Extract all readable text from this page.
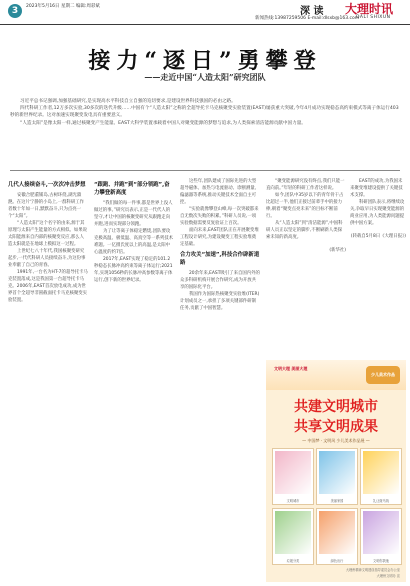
3	2023年5月16日 星期二 编辑:周彩斌	深 读 大理时讯
DALI SHIXUN
新闻热线:13987259506 E-mail:dlsxb@163.com
接力“逐日”勇攀登
——走近中国“人造太阳”研究团队

习近平总书记强调,加强基础研究,是实现高水平科技自立自强的迫切要求,是建设世界科技强国的必由之路。

四代科研工作者,12万多次实验,30多次的迭代升级……中国有个“人造太阳”之称的全超导托卡马克核聚变实验装置(EAST)屡获重大突破,今年4月成功实现稳态高约束模式等离子体运行403秒的新世界纪录。这对加速实现聚变发电具有重要意义。

“人造太阳”是像太阳一样,通过核聚变产生能量。EAST大科学装置承载着中国人对聚变能源的梦想与追求,为人类探索清洁能源贡献中国力量。

几代人接续奋斗,一次次冲击梦想

安徽合肥董铺岛,古树环绕,湖光潋滟。在这片宁静的小岛上,一群科研工作者数十年如一日,默默奋斗,只为点亮一个“太阳”。

“人造太阳”这个名字的由来,源于其原理与太阳产生能量的方式相似。如果说太阳能源来自内部的核聚变反应,那么人造太阳就是在地球上模拟这一过程。

上世纪七八十年代,我国核聚变研究起步,一代代科研人员接续奋斗,为这份事业奉献了自己的青春。

1991年,一台名为HT-7的超导托卡马克装置落成,这是我国第一台超导托卡马克。2006年,EAST首次放电成功,成为世界首个全超导非圆截面托卡马克核聚变实验装置。

“跟跑、并跑”到“部分领跑”,奋力攀登新高度

“我们做的每一件事,都是世界上没人做过的事。”研究员表示,正是一代代人的坚守,才让中国的核聚变研究从跟跑走向并跑,进而实现部分领跑。

为了让等离子体稳定燃烧,团队要攻克极高温、极低温、高真空等一系列技术难题。一亿摄氏度以上的高温,是太阳中心温度的约7倍。

2017年,EAST实现了稳定的101.2秒稳态长脉冲高约束等离子体运行;2021年,实现1056秒的长脉冲高参数等离子体运行,创下新的世界纪录。

这些年,团队建成了国际先进的大型超导磁体、加热与电流驱动、诊断测量、偏滤器等系统,推动关键技术全面自主可控。

“实验就像攀登山峰,每一次突破都来自无数次失败的积累。”科研人员说,一项实验数据需要反复验证上百次。

面向未来,EAST团队正在开展聚变堆工程设计研究,为建设聚变工程实验堆奠定基础。

合力攻关“加速”,科技合作辟新道路

20余年来,EAST吸引了来自国内外的众多科研机构开展合作研究,成为开放共享的国际化平台。

我国作为国际热核聚变实验堆(ITER)计划成员之一,承担了多项关键部件研制任务,贡献了中国智慧。

“聚变能源研究没有终点,我们只能一直向前。”年轻的科研工作者这样说。

如今,团队中35岁以下的青年骨干占比超过一半,他们正接过前辈手中的接力棒,朝着“聚变点亮未来”的目标不断前行。

从“人造太阳”到“清洁能源”,中国科研人员正以坚定的脚步,不断刷新人类探索未知的新高度。

(新华社)

EAST的成功,为我国未来聚变堆建设提供了关键技术支撑。

科研团队表示,将继续攻关,争取早日实现聚变能源的商业应用,为人类能源问题提供中国方案。

(转载自5月8日《大理日报》)
文明大理 美丽大理
少儿美术作品
共建文明城市
共享文明成果
— 中国梦 · 文明风 少儿美术作品展 —
文明城市	美丽家园	礼让斑马线
垃圾分类	绿色出行	文明你我他
大理州精神文明建设指导委员会办公室
大理州文明办 宣
